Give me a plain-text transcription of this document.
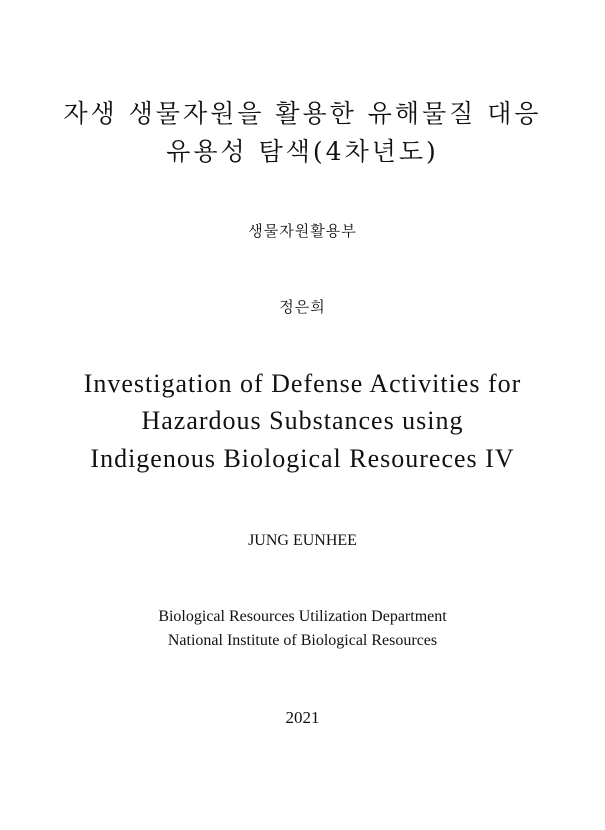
자생 생물자원을 활용한 유해물질 대응
유용성 탐색(4차년도)
생물자원활용부
정은희
Investigation of Defense Activities for
Hazardous Substances using
Indigenous Biological Resoureces IV
JUNG EUNHEE
Biological Resources Utilization Department
National Institute of Biological Resources
2021
